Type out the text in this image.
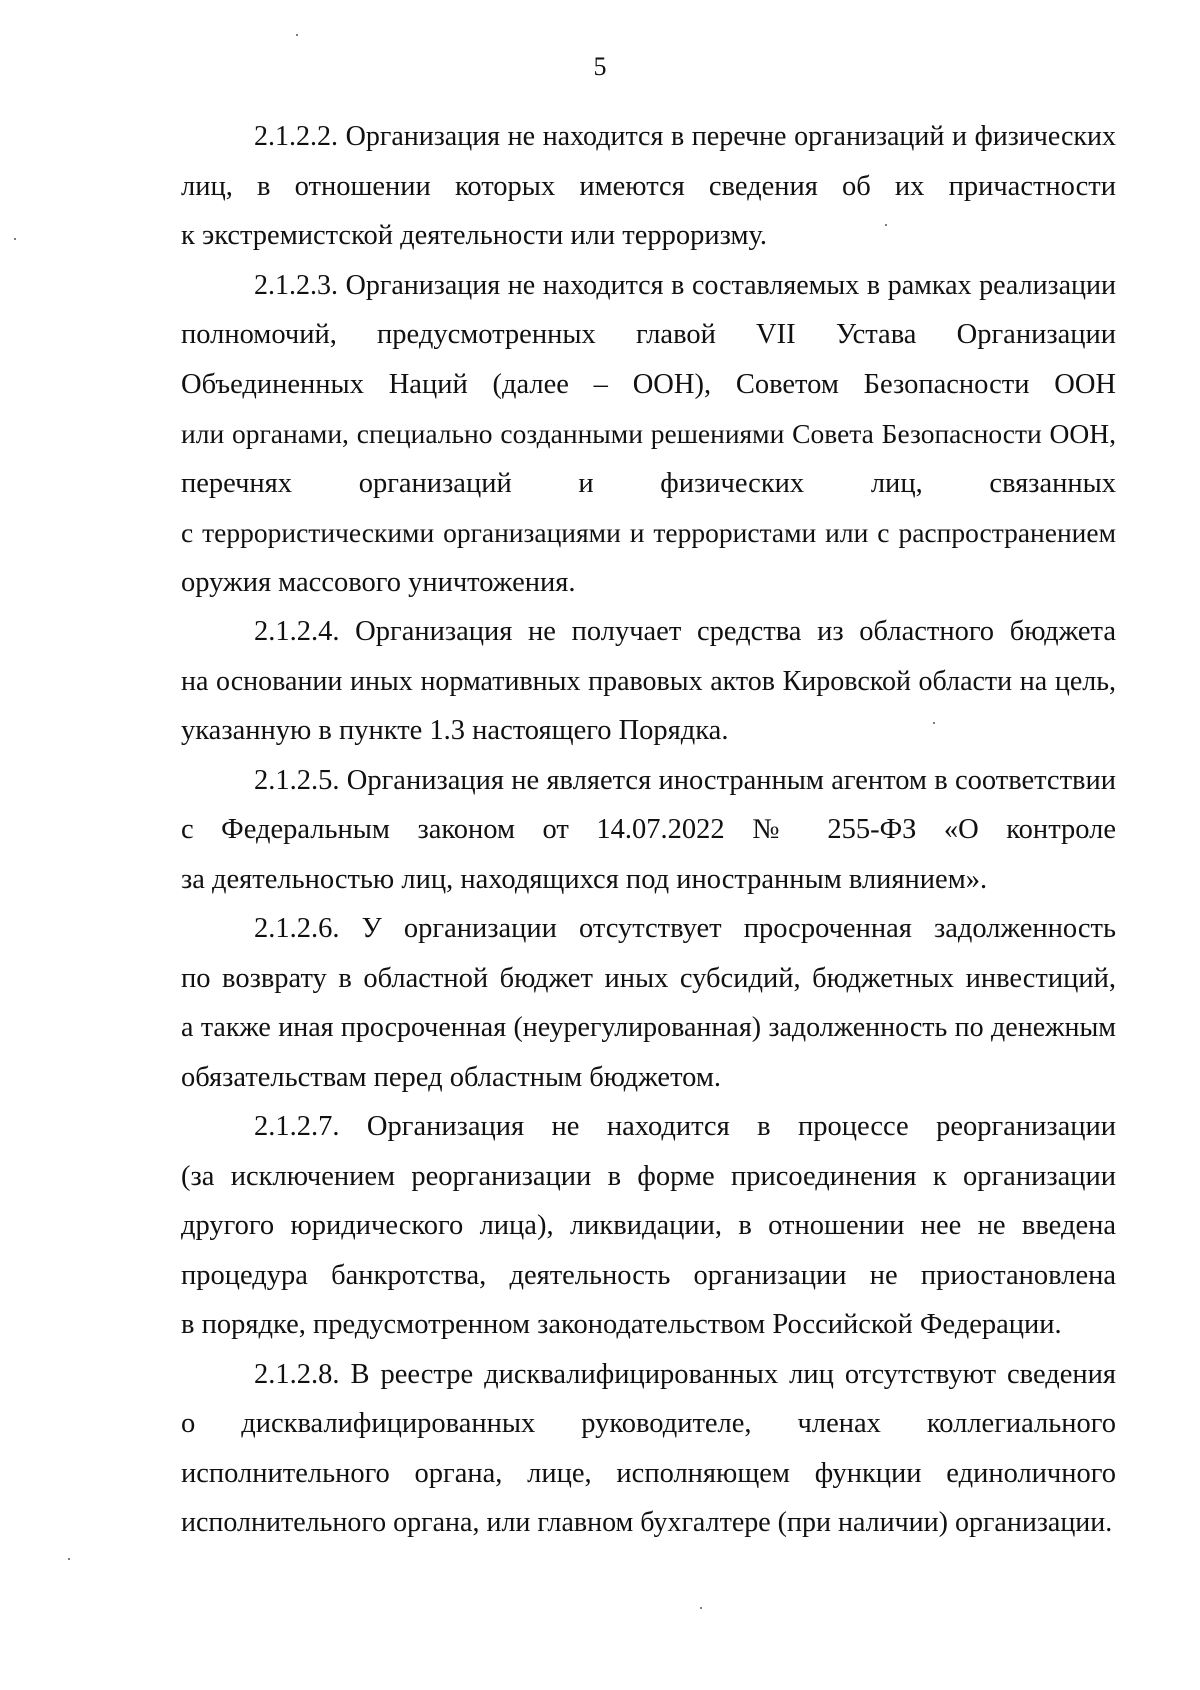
5

2.1.2.2. Организация не находится в перечне организаций и физических
лиц, в отношении которых имеются сведения об их причастности
к экстремистской деятельности или терроризму.

2.1.2.3. Организация не находится в составляемых в рамках реализации
полномочий, предусмотренных главой VII Устава Организации
Объединенных Наций (далее – ООН), Советом Безопасности ООН
или органами, специально созданными решениями Совета Безопасности ООН,
перечнях организаций и физических лиц, связанных
с террористическими организациями и террористами или с распространением
оружия массового уничтожения.

2.1.2.4. Организация не получает средства из областного бюджета
на основании иных нормативных правовых актов Кировской области на цель,
указанную в пункте 1.3 настоящего Порядка.

2.1.2.5. Организация не является иностранным агентом в соответствии
с Федеральным законом от 14.07.2022 № 255-ФЗ «О контроле
за деятельностью лиц, находящихся под иностранным влиянием».

2.1.2.6. У организации отсутствует просроченная задолженность
по возврату в областной бюджет иных субсидий, бюджетных инвестиций,
а также иная просроченная (неурегулированная) задолженность по денежным
обязательствам перед областным бюджетом.

2.1.2.7. Организация не находится в процессе реорганизации
(за исключением реорганизации в форме присоединения к организации
другого юридического лица), ликвидации, в отношении нее не введена
процедура банкротства, деятельность организации не приостановлена
в порядке, предусмотренном законодательством Российской Федерации.

2.1.2.8. В реестре дисквалифицированных лиц отсутствуют сведения
о дисквалифицированных руководителе, членах коллегиального
исполнительного органа, лице, исполняющем функции единоличного
исполнительного органа, или главном бухгалтере (при наличии) организации.
